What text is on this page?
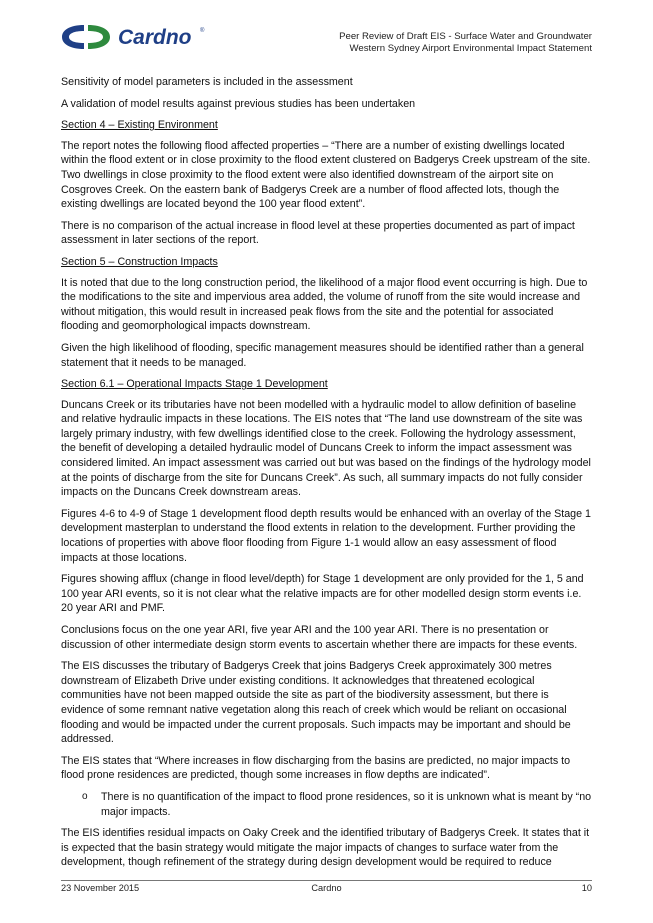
Cardno ®	Peer Review of Draft EIS - Surface Water and Groundwater
Western Sydney Airport Environmental Impact Statement

Sensitivity of model parameters is included in the assessment

A validation of model results against previous studies has been undertaken

Section 4 – Existing Environment

The report notes the following flood affected properties – “There are a number of existing dwellings located within the flood extent or in close proximity to the flood extent clustered on Badgerys Creek upstream of the site. Two dwellings in close proximity to the flood extent were also identified downstream of the airport site on Cosgroves Creek. On the eastern bank of Badgerys Creek are a number of flood affected lots, though the existing dwellings are located beyond the 100 year flood extent”.

There is no comparison of the actual increase in flood level at these properties documented as part of impact assessment in later sections of the report.

Section 5 – Construction Impacts

It is noted that due to the long construction period, the likelihood of a major flood event occurring is high. Due to the modifications to the site and impervious area added, the volume of runoff from the site would increase and without mitigation, this would result in increased peak flows from the site and the potential for associated flooding and geomorphological impacts downstream.

Given the high likelihood of flooding, specific management measures should be identified rather than a general statement that it needs to be managed.

Section 6.1 – Operational Impacts Stage 1 Development

Duncans Creek or its tributaries have not been modelled with a hydraulic model to allow definition of baseline and relative hydraulic impacts in these locations. The EIS notes that “The land use downstream of the site was largely primary industry, with few dwellings identified close to the creek. Following the hydrology assessment, the benefit of developing a detailed hydraulic model of Duncans Creek to inform the impact assessment was considered limited. An impact assessment was carried out but was based on the findings of the hydrology model at the points of discharge from the site for Duncans Creek”. As such, all summary impacts do not fully consider impacts on the Duncans Creek downstream areas.

Figures 4-6 to 4-9 of Stage 1 development flood depth results would be enhanced with an overlay of the Stage 1 development masterplan to understand the flood extents in relation to the development. Further providing the locations of properties with above floor flooding from Figure 1-1 would allow an easy assessment of flood impacts at those locations.

Figures showing afflux (change in flood level/depth) for Stage 1 development are only provided for the 1, 5 and 100 year ARI events, so it is not clear what the relative impacts are for other modelled design storm events i.e. 20 year ARI and PMF.

Conclusions focus on the one year ARI, five year ARI and the 100 year ARI. There is no presentation or discussion of other intermediate design storm events to ascertain whether there are impacts for these events.

The EIS discusses the tributary of Badgerys Creek that joins Badgerys Creek approximately 300 metres downstream of Elizabeth Drive under existing conditions. It acknowledges that threatened ecological communities have not been mapped outside the site as part of the biodiversity assessment, but there is evidence of some remnant native vegetation along this reach of creek which would be reliant on occasional flooding and would be impacted under the current proposals. Such impacts may be important and should be addressed.

The EIS states that “Where increases in flow discharging from the basins are predicted, no major impacts to flood prone residences are predicted, though some increases in flow depths are indicated”.

o There is no quantification of the impact to flood prone residences, so it is unknown what is meant by “no major impacts.

The EIS identifies residual impacts on Oaky Creek and the identified tributary of Badgerys Creek. It states that it is expected that the basin strategy would mitigate the major impacts of changes to surface water from the development, though refinement of the strategy during design development would be required to reduce

23 November 2015	Cardno	10
